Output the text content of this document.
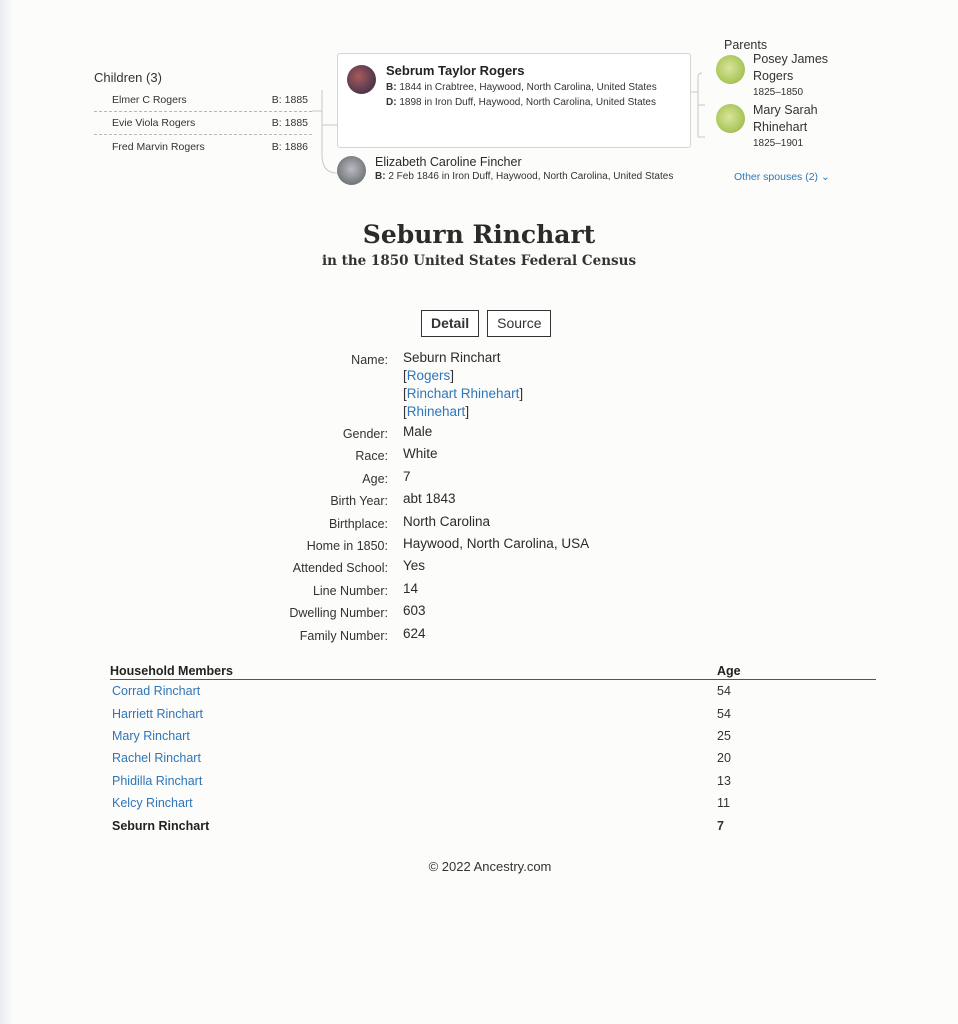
Children (3)
Elmer C Rogers	B: 1885
Evie Viola Rogers	B: 1885
Fred Marvin Rogers	B: 1886
Sebrum Taylor Rogers
B: 1844 in Crabtree, Haywood, North Carolina, United States
D: 1898 in Iron Duff, Haywood, North Carolina, United States
Elizabeth Caroline Fincher
B: 2 Feb 1846 in Iron Duff, Haywood, North Carolina, United States	Other spouses (2) ⌄
Parents
Posey James Rogers
1825–1850
Mary Sarah Rhinehart
1825–1901
Seburn Rinchart
in the 1850 United States Federal Census
Detail	Source
Name: Seburn Rinchart
[Rogers]
[Rinchart Rhinehart]
[Rhinehart]
Gender:	Male
Race:	White
Age:	7
Birth Year:	abt 1843
Birthplace:	North Carolina
Home in 1850:	Haywood, North Carolina, USA
Attended School:	Yes
Line Number:	14
Dwelling Number:	603
Family Number:	624
Household Members	Age
Corrad Rinchart	54
Harriett Rinchart	54
Mary Rinchart	25
Rachel Rinchart	20
Phidilla Rinchart	13
Kelcy Rinchart	11
Seburn Rinchart	7
© 2022 Ancestry.com
